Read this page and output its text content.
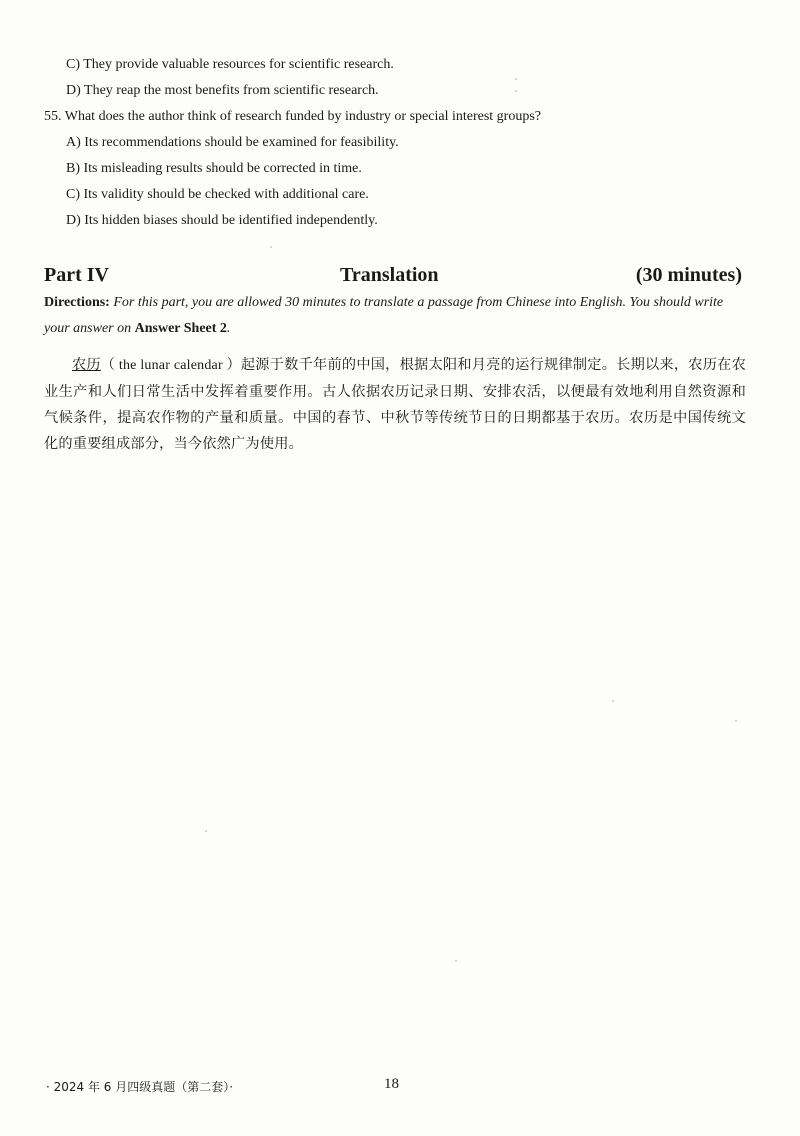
C) They provide valuable resources for scientific research.
D) They reap the most benefits from scientific research.
55. What does the author think of research funded by industry or special interest groups?
A) Its recommendations should be examined for feasibility.
B) Its misleading results should be corrected in time.
C) Its validity should be checked with additional care.
D) Its hidden biases should be identified independently.
Part IV	Translation	(30 minutes)
Directions: For this part, you are allowed 30 minutes to translate a passage from Chinese into English. You should write your answer on Answer Sheet 2.
农历（ the lunar calendar ）起源于数千年前的中国，根据太阳和月亮的运行规律制定。长期以来，农历在农业生产和人们日常生活中发挥着重要作用。古人依据农历记录日期、安排农活，以便最有效地利用自然资源和气候条件，提高农作物的产量和质量。中国的春节、中秋节等传统节日的日期都基于农历。农历是中国传统文化的重要组成部分，当今依然广为使用。
· 2024 年 6 月四级真题（第二套）·	18
